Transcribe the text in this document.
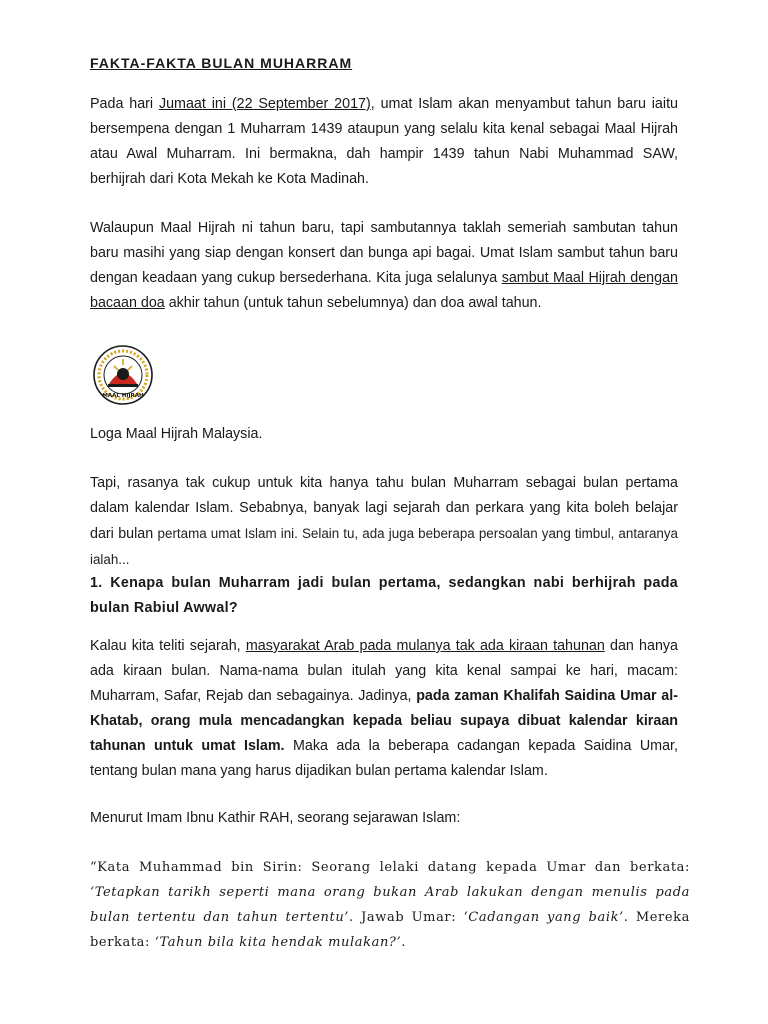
FAKTA-FAKTA BULAN MUHARRAM

Pada hari Jumaat ini (22 September 2017), umat Islam akan menyambut tahun baru iaitu bersempena dengan 1 Muharram 1439 ataupun yang selalu kita kenal sebagai Maal Hijrah atau Awal Muharram. Ini bermakna, dah hampir 1439 tahun Nabi Muhammad SAW, berhijrah dari Kota Mekah ke Kota Madinah.

Walaupun Maal Hijrah ni tahun baru, tapi sambutannya taklah semeriah sambutan tahun baru masihi yang siap dengan konsert dan bunga api bagai. Umat Islam sambut tahun baru dengan keadaan yang cukup bersederhana. Kita juga selalunya sambut Maal Hijrah dengan bacaan doa akhir tahun (untuk tahun sebelumnya) dan doa awal tahun.

MAAL HIJRAH

Loga Maal Hijrah Malaysia.

Tapi, rasanya tak cukup untuk kita hanya tahu bulan Muharram sebagai bulan pertama dalam kalendar Islam. Sebabnya, banyak lagi sejarah dan perkara yang kita boleh belajar dari bulan pertama umat Islam ini. Selain tu, ada juga beberapa persoalan yang timbul, antaranya ialah...

1. Kenapa bulan Muharram jadi bulan pertama, sedangkan nabi berhijrah pada bulan Rabiul Awwal?

Kalau kita teliti sejarah, masyarakat Arab pada mulanya tak ada kiraan tahunan dan hanya ada kiraan bulan. Nama-nama bulan itulah yang kita kenal sampai ke hari, macam: Muharram, Safar, Rejab dan sebagainya. Jadinya, pada zaman Khalifah Saidina Umar al-Khatab, orang mula mencadangkan kepada beliau supaya dibuat kalendar kiraan tahunan untuk umat Islam. Maka ada la beberapa cadangan kepada Saidina Umar, tentang bulan mana yang harus dijadikan bulan pertama kalendar Islam.

Menurut Imam Ibnu Kathir RAH, seorang sejarawan Islam:

“Kata Muhammad bin Sirin: Seorang lelaki datang kepada Umar dan berkata: ‘Tetapkan tarikh seperti mana orang bukan Arab lakukan dengan menulis pada bulan tertentu dan tahun tertentu’. Jawab Umar: ‘Cadangan yang baik’. Mereka berkata: ‘Tahun bila kita hendak mulakan?’.
